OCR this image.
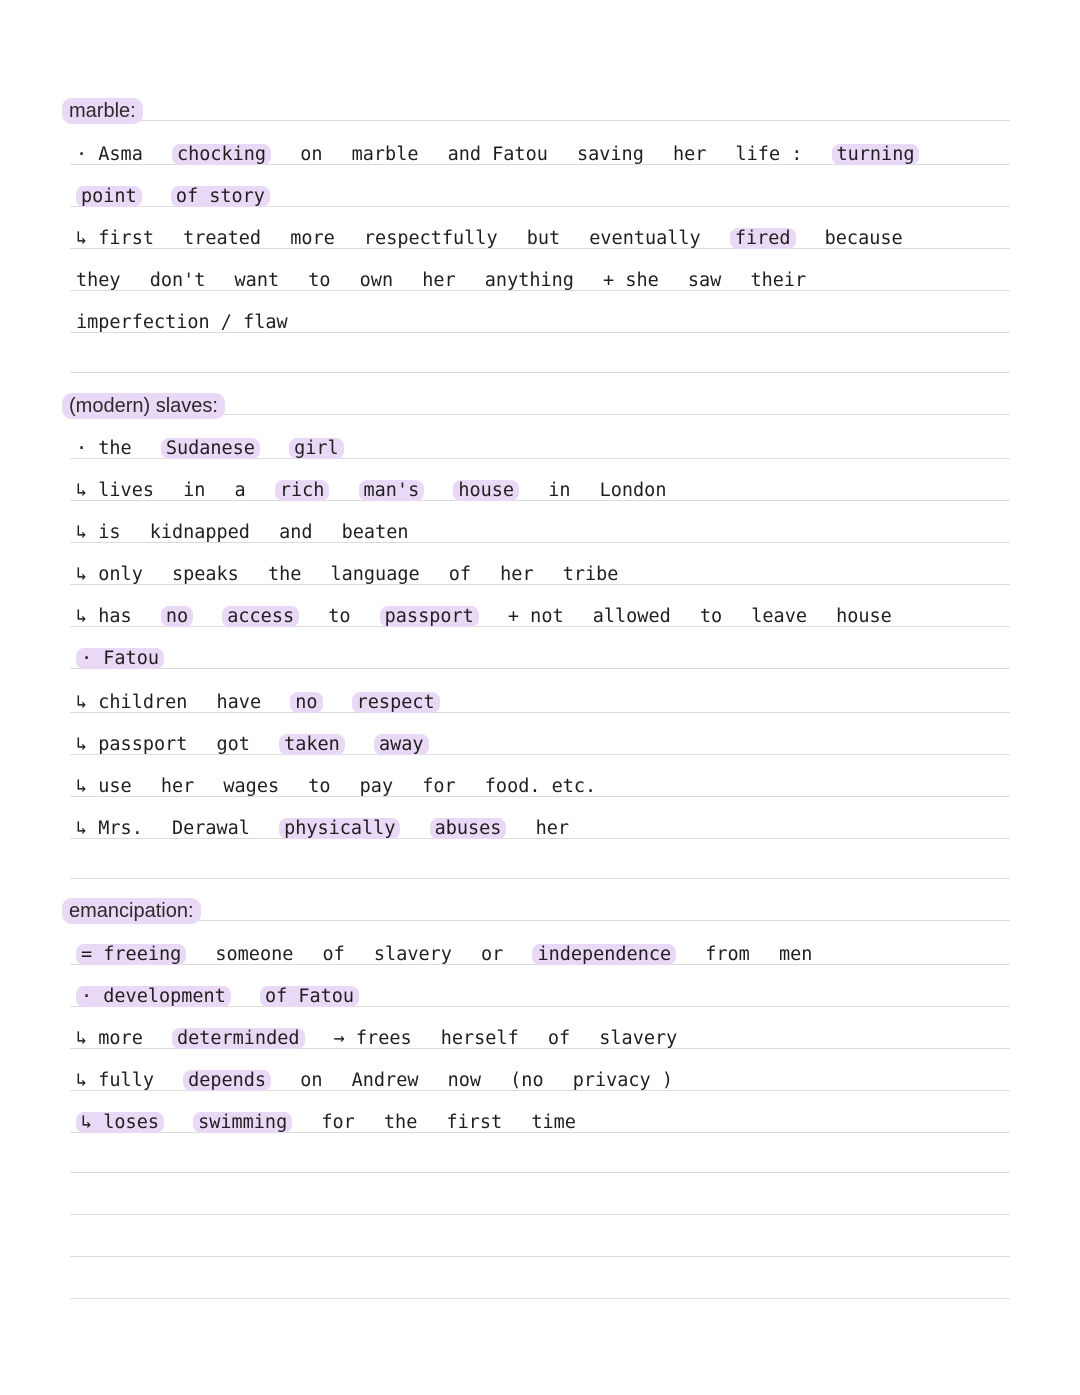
marble:
· Asma chocking on marble and Fatou saving her life : turning
point of story
↳ first treated more respectfully but eventually fired because
they don't want to own her anything + she saw their
imperfection / flaw
(modern) slaves:
· the Sudanese girl
↳ lives in a rich man's house in London
↳ is kidnapped and beaten
↳ only speaks the language of her tribe
↳ has no access to passport + not allowed to leave house
· Fatou
↳ children have no respect
↳ passport got taken away
↳ use her wages to pay for food. etc.
↳ Mrs. Derawal physically abuses her
emancipation:
= freeing someone of slavery or independence from men
· development of Fatou
↳ more determinded → frees herself of slavery
↳ fully depends on Andrew now (no privacy )
↳ loses swimming for the first time
